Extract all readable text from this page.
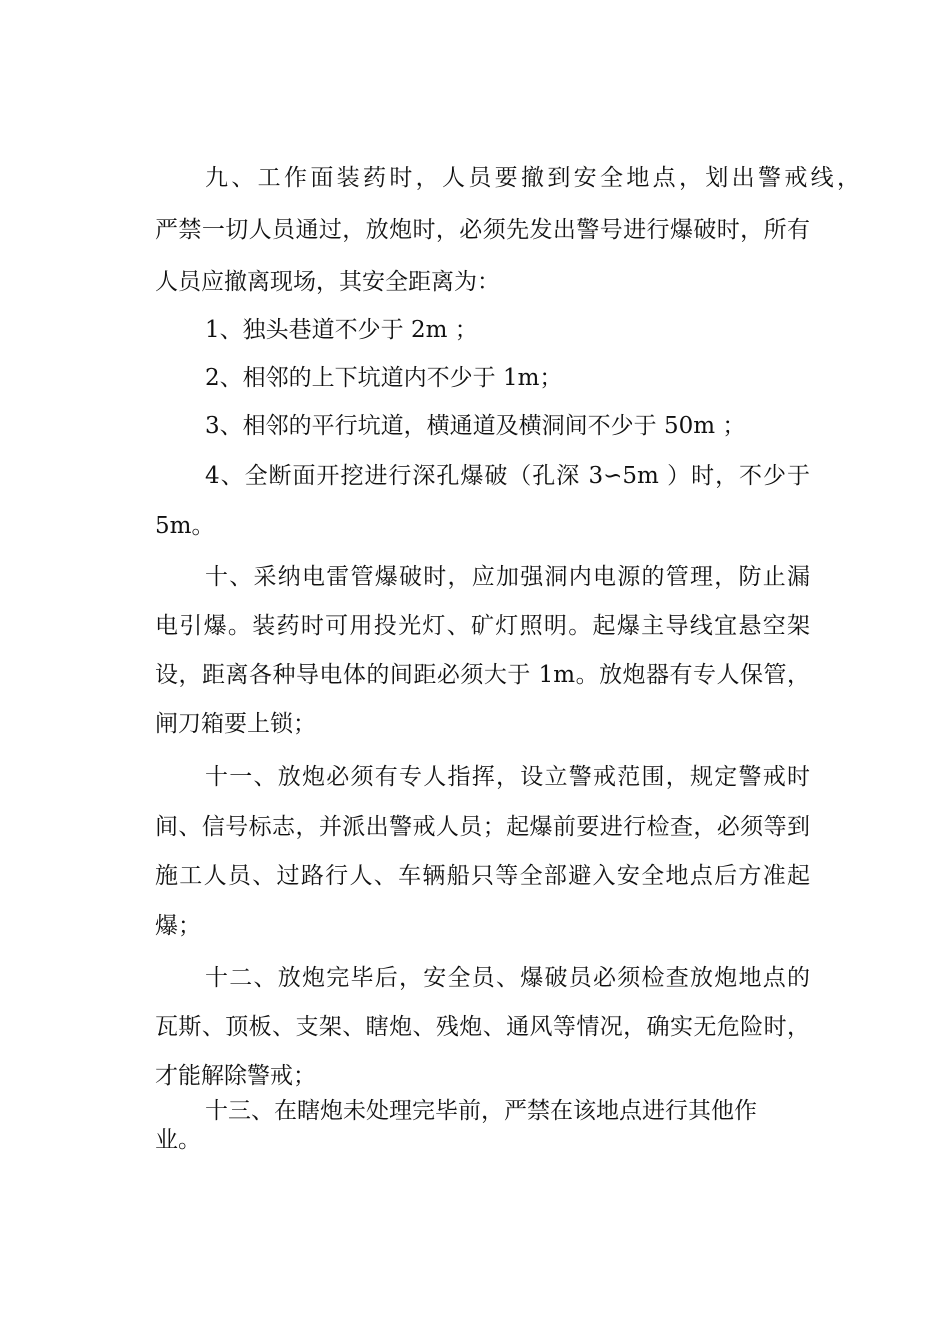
九、工作面装药时，人员要撤到安全地点，划出警戒线，

严禁一切人员通过，放炮时，必须先发出警号进行爆破时，所有

人员应撤离现场，其安全距离为：

1、独头巷道不少于 2m ；

2、相邻的上下坑道内不少于 1m；

3、相邻的平行坑道，横通道及横洞间不少于 50m ；

4、全断面开挖进行深孔爆破（孔深 3∽5m ）时，不少于

5m。

十、采纳电雷管爆破时，应加强洞内电源的管理，防止漏

电引爆。装药时可用投光灯、矿灯照明。起爆主导线宜悬空架

设，距离各种导电体的间距必须大于 1m。放炮器有专人保管，

闸刀箱要上锁；

十一、放炮必须有专人指挥，设立警戒范围，规定警戒时

间、信号标志，并派出警戒人员；起爆前要进行检查，必须等到

施工人员、过路行人、车辆船只等全部避入安全地点后方准起

爆；

十二、放炮完毕后，安全员、爆破员必须检查放炮地点的

瓦斯、顶板、支架、瞎炮、残炮、通风等情况，确实无危险时，

才能解除警戒；

十三、在瞎炮未处理完毕前，严禁在该地点进行其他作

业。
